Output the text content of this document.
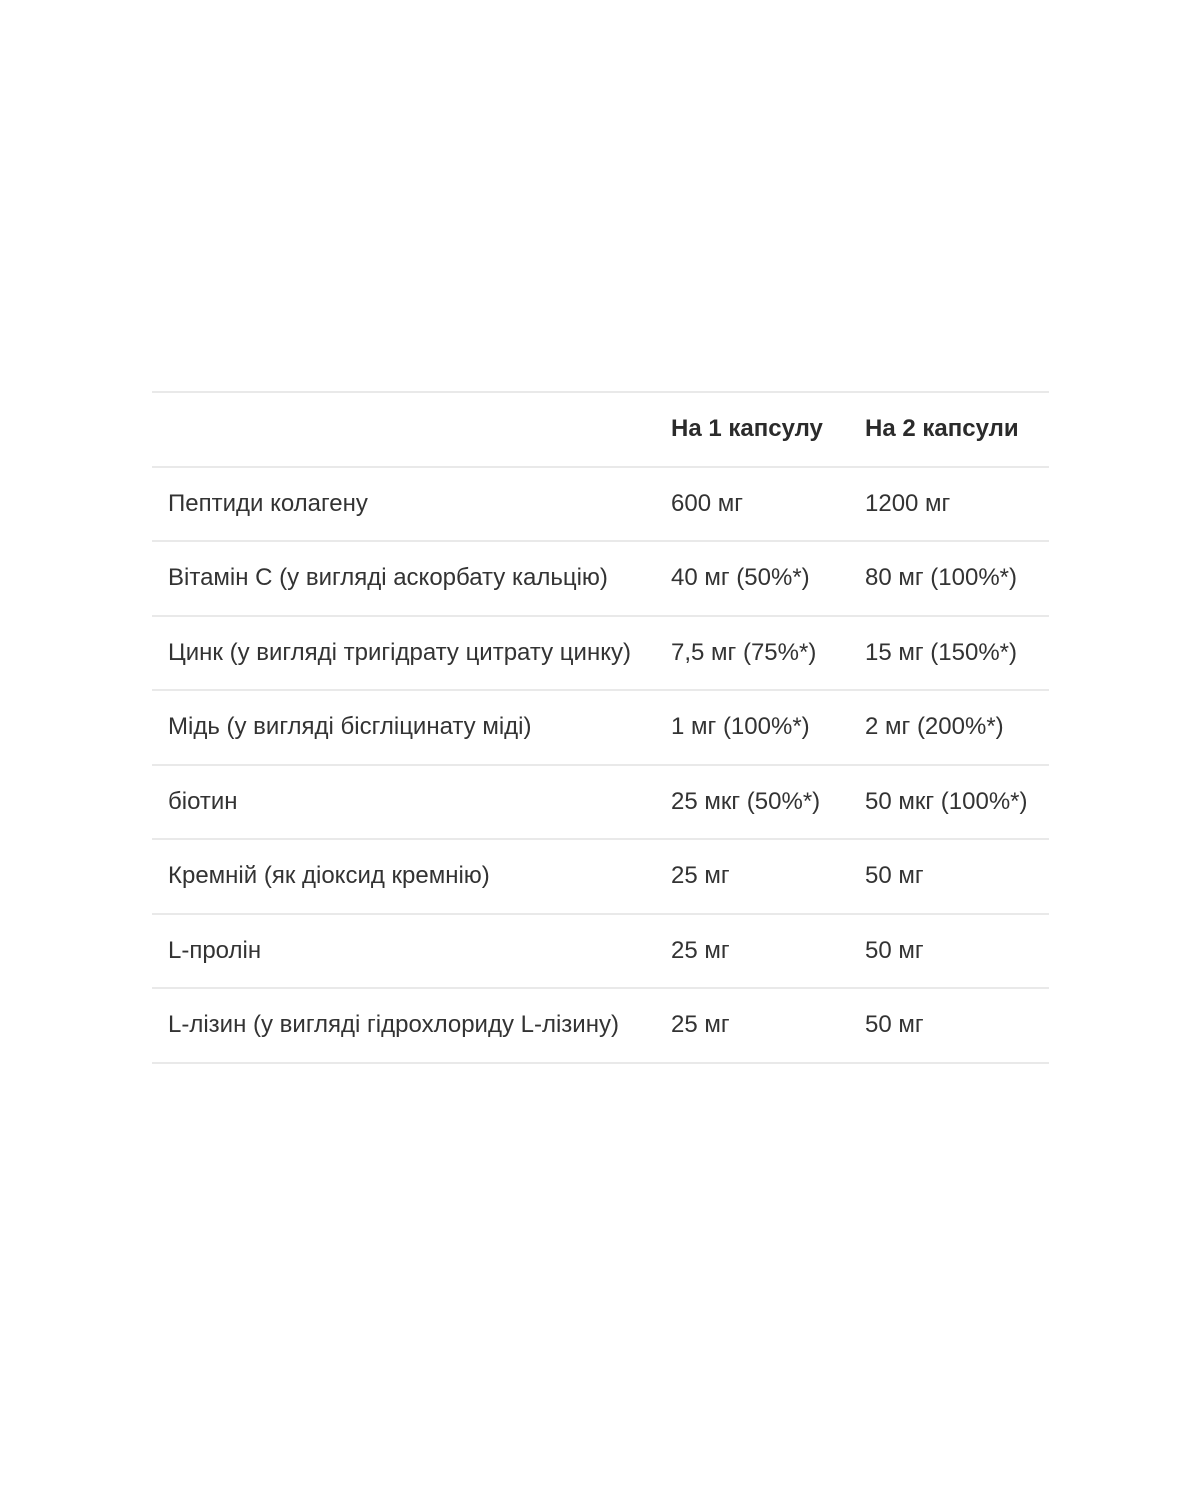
	На 1 капсулу	На 2 капсули
Пептиди колагену	600 мг	1200 мг
Вітамін С (у вигляді аскорбату кальцію)	40 мг (50%*)	80 мг (100%*)
Цинк (у вигляді тригідрату цитрату цинку)	7,5 мг (75%*)	15 мг (150%*)
Мідь (у вигляді бісгліцинату міді)	1 мг (100%*)	2 мг (200%*)
біотин	25 мкг (50%*)	50 мкг (100%*)
Кремній (як діоксид кремнію)	25 мг	50 мг
L-пролін	25 мг	50 мг
L-лізин (у вигляді гідрохлориду L-лізину)	25 мг	50 мг
